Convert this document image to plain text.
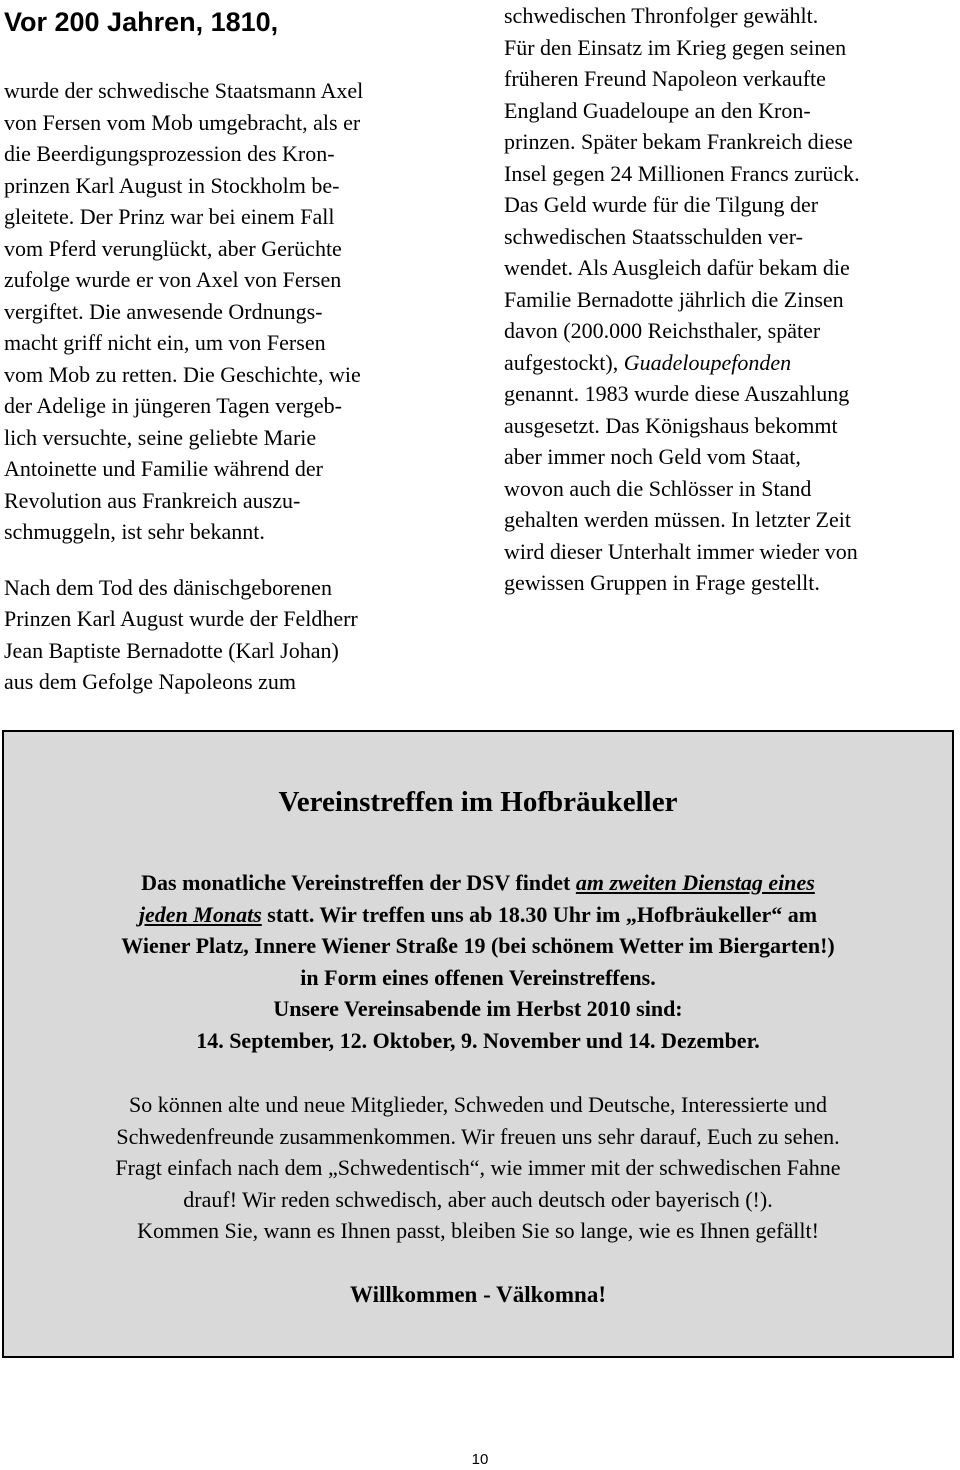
Vor 200 Jahren, 1810,
wurde der schwedische Staatsmann Axel
von Fersen vom Mob umgebracht, als er
die Beerdigungsprozession des Kron-
prinzen Karl August in Stockholm be-
gleitete. Der Prinz war bei einem Fall
vom Pferd verunglückt, aber Gerüchte
zufolge wurde er von Axel von Fersen
vergiftet. Die anwesende Ordnungs-
macht griff nicht ein, um von Fersen
vom Mob zu retten. Die Geschichte, wie
der Adelige in jüngeren Tagen vergeb-
lich versuchte, seine geliebte Marie
Antoinette und Familie während der
Revolution aus Frankreich auszu-
schmuggeln, ist sehr bekannt.
Nach dem Tod des dänischgeborenen
Prinzen Karl August wurde der Feldherr
Jean Baptiste Bernadotte (Karl Johan)
aus dem Gefolge Napoleons zum
schwedischen Thronfolger gewählt.
Für den Einsatz im Krieg gegen seinen
früheren Freund Napoleon verkaufte
England Guadeloupe an den Kron-
prinzen. Später bekam Frankreich diese
Insel gegen 24 Millionen Francs zurück.
Das Geld wurde für die Tilgung der
schwedischen Staatsschulden ver-
wendet. Als Ausgleich dafür bekam die
Familie Bernadotte jährlich die Zinsen
davon (200.000 Reichsthaler, später
aufgestockt), Guadeloupefonden
genannt. 1983 wurde diese Auszahlung
ausgesetzt. Das Königshaus bekommt
aber immer noch Geld vom Staat,
wovon auch die Schlösser in Stand
gehalten werden müssen. In letzter Zeit
wird dieser Unterhalt immer wieder von
gewissen Gruppen in Frage gestellt.
Vereinstreffen im Hofbräukeller
Das monatliche Vereinstreffen der DSV findet am zweiten Dienstag eines
jeden Monats statt. Wir treffen uns ab 18.30 Uhr im „Hofbräukeller“ am
Wiener Platz, Innere Wiener Straße 19 (bei schönem Wetter im Biergarten!)
in Form eines offenen Vereinstreffens.
Unsere Vereinsabende im Herbst 2010 sind:
14. September, 12. Oktober, 9. November und 14. Dezember.
So können alte und neue Mitglieder, Schweden und Deutsche, Interessierte und
Schwedenfreunde zusammenkommen. Wir freuen uns sehr darauf, Euch zu sehen.
Fragt einfach nach dem „Schwedentisch“, wie immer mit der schwedischen Fahne
drauf! Wir reden schwedisch, aber auch deutsch oder bayerisch (!).
Kommen Sie, wann es Ihnen passt, bleiben Sie so lange, wie es Ihnen gefällt!
Willkommen - Välkomna!
10
